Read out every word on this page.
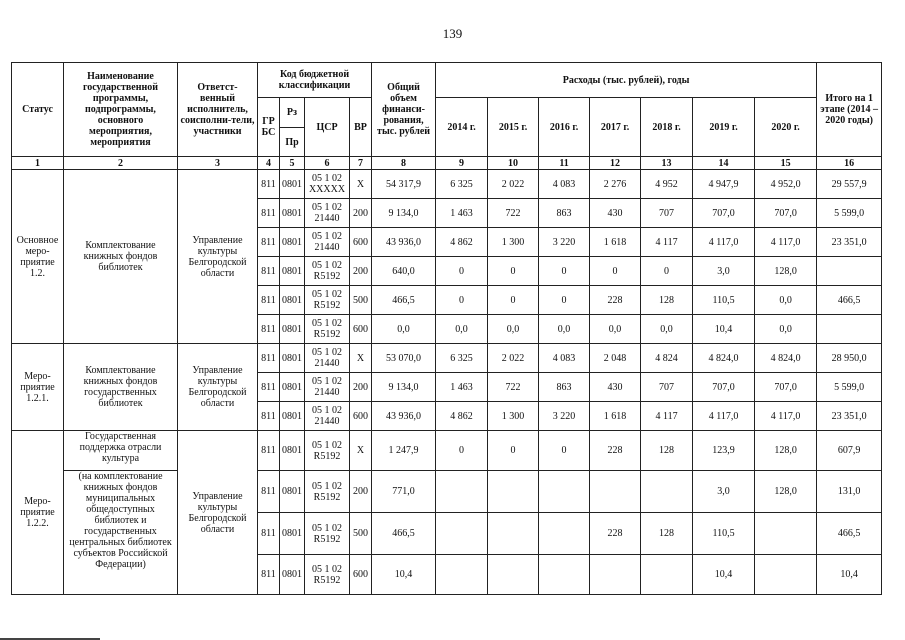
139
Статус	Наименование государственной программы, подпрограммы, основного мероприятия, мероприятия	Ответст-венный исполнитель, соисполни-тели, участники	Код бюджетной классификации				Общий объем финанси-рования, тыс. рублей	Расходы (тыс. рублей), годы							Итого на 1 этапе (2014 – 2020 годы)
			ГР БС	Рз	ЦСР	ВР		2014 г.	2015 г.	2016 г.	2017 г.	2018 г.	2019 г.	2020 г.	
				Пр											
1	2	3	4	5	6	7	8	9	10	11	12	13	14	15	16
Основное меро-приятие 1.2.	Комплектование книжных фондов библиотек	Управление культуры Белгородской области	811	0801	05 1 02 XXXXX	X	54 317,9	6 325	2 022	4 083	2 276	4 952	4 947,9	4 952,0	29 557,9
			811	0801	05 1 02 21440	200	9 134,0	1 463	722	863	430	707	707,0	707,0	5 599,0
			811	0801	05 1 02 21440	600	43 936,0	4 862	1 300	3 220	1 618	4 117	4 117,0	4 117,0	23 351,0
			811	0801	05 1 02 R5192	200	640,0	0	0	0	0	0	3,0	128,0	
			811	0801	05 1 02 R5192	500	466,5	0	0	0	228	128	110,5	0,0	466,5
			811	0801	05 1 02 R5192	600	0,0	0,0	0,0	0,0	0,0	0,0	10,4	0,0	
Меро-приятие 1.2.1.	Комплектование книжных фондов государственных библиотек	Управление культуры Белгородской области	811	0801	05 1 02 21440	X	53 070,0	6 325	2 022	4 083	2 048	4 824	4 824,0	4 824,0	28 950,0
			811	0801	05 1 02 21440	200	9 134,0	1 463	722	863	430	707	707,0	707,0	5 599,0
			811	0801	05 1 02 21440	600	43 936,0	4 862	1 300	3 220	1 618	4 117	4 117,0	4 117,0	23 351,0
Меро-приятие 1.2.2.	Государственная поддержка отрасли культура	Управление культуры Белгородской области	811	0801	05 1 02 R5192	X	1 247,9	0	0	0	228	128	123,9	128,0	607,9
	(на комплектование книжных фондов муниципальных общедоступных библиотек и государственных центральных библиотек субъектов Российской Федерации)		811	0801	05 1 02 R5192	200	771,0						3,0	128,0	131,0
			811	0801	05 1 02 R5192	500	466,5				228	128	110,5		466,5
			811	0801	05 1 02 R5192	600	10,4						10,4		10,4
